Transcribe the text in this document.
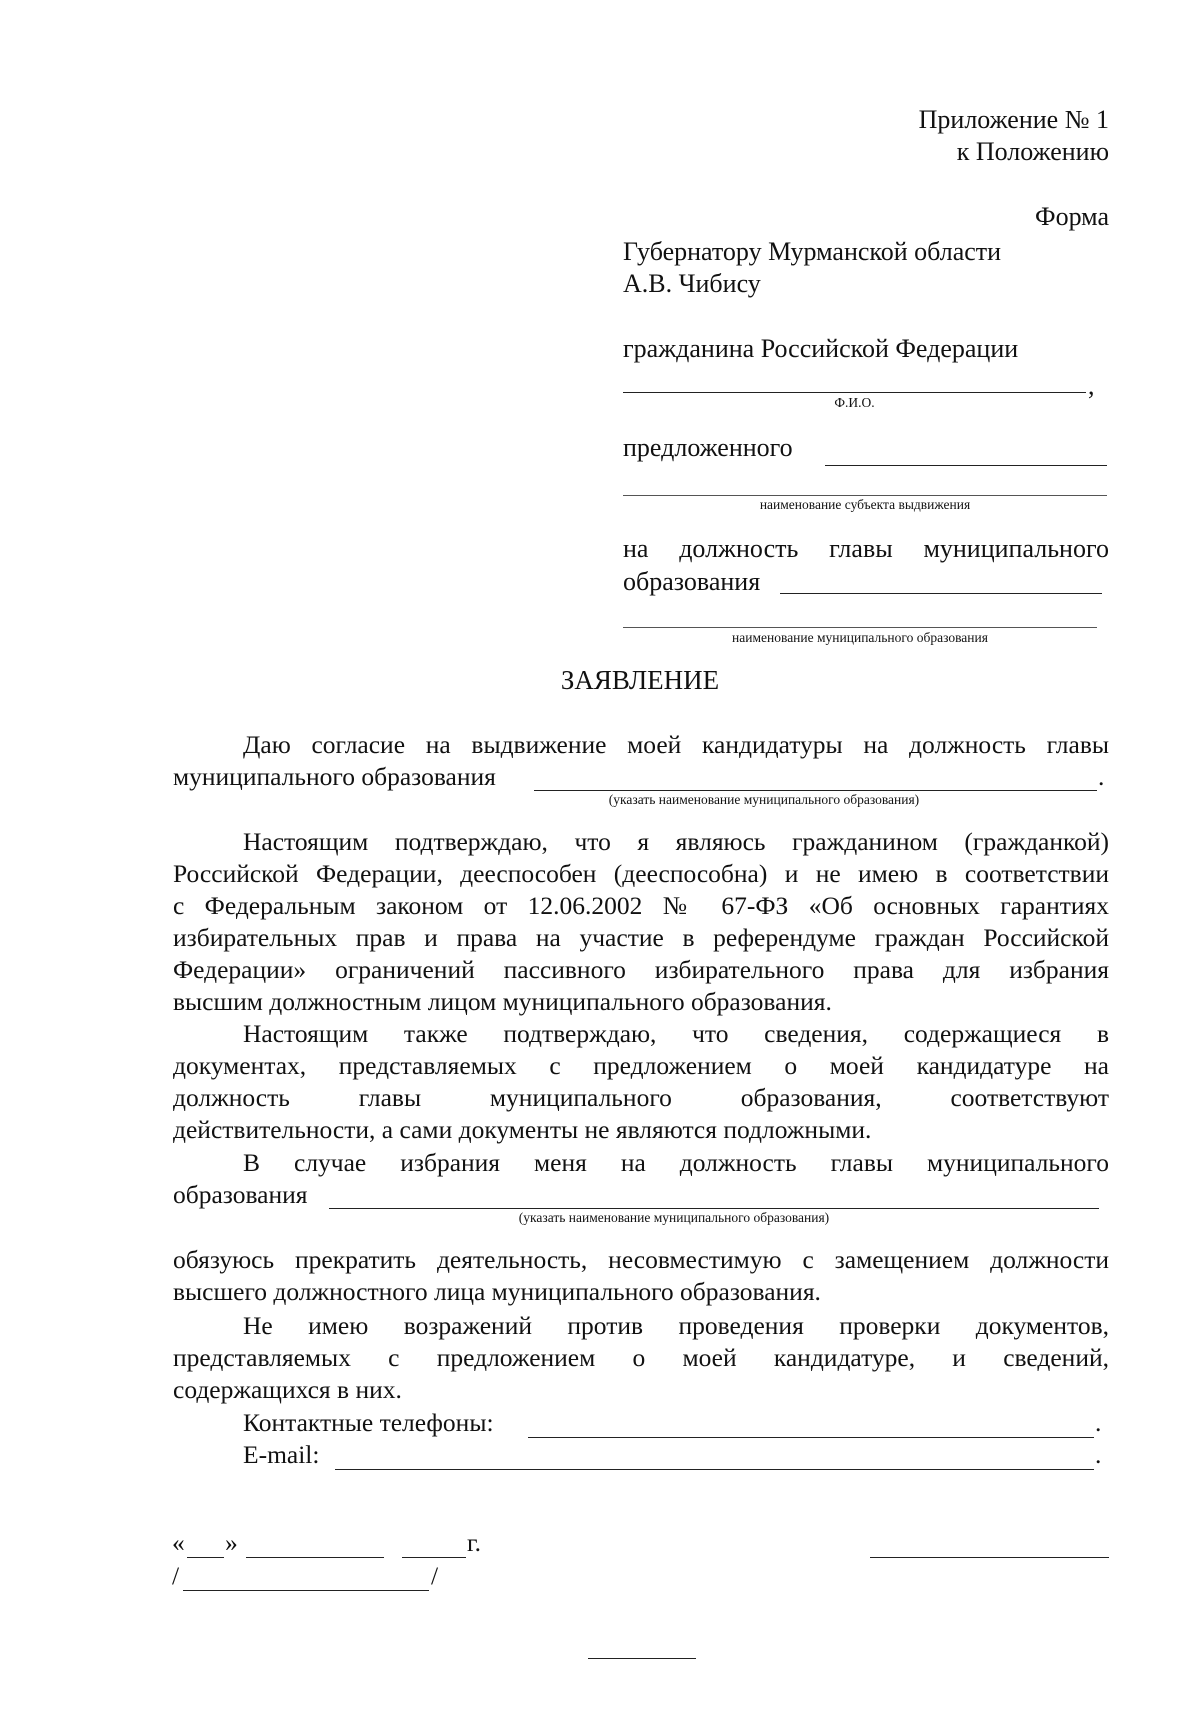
Приложение № 1
к Положению
Форма
Губернатору Мурманской области
А.В. Чибису
гражданина Российской Федерации
,
Ф.И.О.
предложенного
наименование субъекта выдвижения
на должность главы муниципального
образования
наименование муниципального образования
ЗАЯВЛЕНИЕ
Даю согласие на выдвижение моей кандидатуры на должность главы
муниципального образования	.
(указать наименование муниципального образования)
Настоящим подтверждаю, что я являюсь гражданином (гражданкой)
Российской Федерации, дееспособен (дееспособна) и не имею в соответствии
с Федеральным законом от 12.06.2002 № 67-ФЗ «Об основных гарантиях
избирательных прав и права на участие в референдуме граждан Российской
Федерации» ограничений пассивного избирательного права для избрания
высшим должностным лицом муниципального образования.
Настоящим также подтверждаю, что сведения, содержащиеся в
документах, представляемых с предложением о моей кандидатуре на
должность главы муниципального образования, соответствуют
действительности, а сами документы не являются подложными.
В случае избрания меня на должность главы муниципального
образования
(указать наименование муниципального образования)
обязуюсь прекратить деятельность, несовместимую с замещением должности
высшего должностного лица муниципального образования.
Не имею возражений против проведения проверки документов,
представляемых с предложением о моей кандидатуре, и сведений,
содержащихся в них.
Контактные телефоны:	.
E-mail:	.
« »	г.
/	/
